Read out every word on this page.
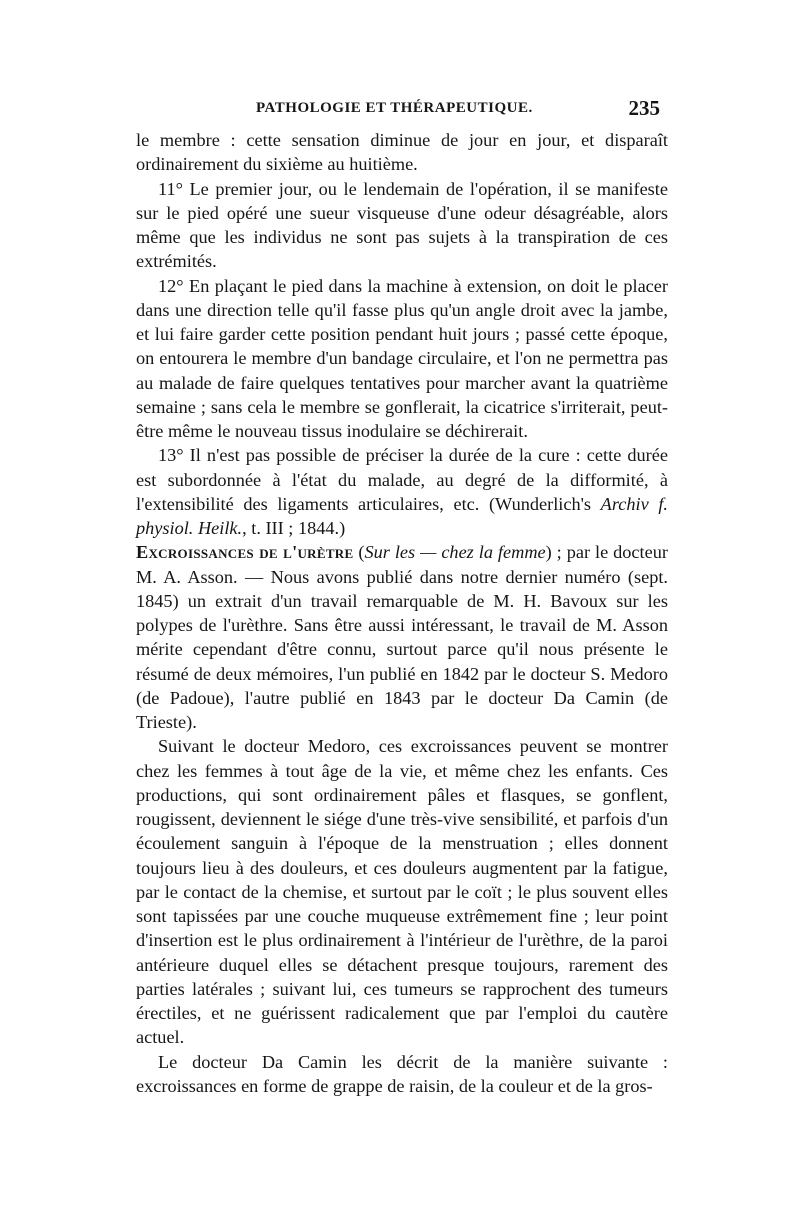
PATHOLOGIE ET THÉRAPEUTIQUE.	235

le membre : cette sensation diminue de jour en jour, et disparaît ordinairement du sixième au huitième.

11° Le premier jour, ou le lendemain de l'opération, il se manifeste sur le pied opéré une sueur visqueuse d'une odeur désagréable, alors même que les individus ne sont pas sujets à la transpiration de ces extrémités.

12° En plaçant le pied dans la machine à extension, on doit le placer dans une direction telle qu'il fasse plus qu'un angle droit avec la jambe, et lui faire garder cette position pendant huit jours ; passé cette époque, on entourera le membre d'un bandage circulaire, et l'on ne permettra pas au malade de faire quelques tentatives pour marcher avant la quatrième semaine ; sans cela le membre se gonflerait, la cicatrice s'irriterait, peut-être même le nouveau tissus inodulaire se déchirerait.

13° Il n'est pas possible de préciser la durée de la cure : cette durée est subordonnée à l'état du malade, au degré de la difformité, à l'extensibilité des ligaments articulaires, etc. (Wunderlich's Archiv f. physiol. Heilk., t. III ; 1844.)

Excroissances de l'urètre (Sur les — chez la femme) ; par le docteur M. A. Asson. — Nous avons publié dans notre dernier numéro (sept. 1845) un extrait d'un travail remarquable de M. H. Bavoux sur les polypes de l'urèthre. Sans être aussi intéressant, le travail de M. Asson mérite cependant d'être connu, surtout parce qu'il nous présente le résumé de deux mémoires, l'un publié en 1842 par le docteur S. Medoro (de Padoue), l'autre publié en 1843 par le docteur Da Camin (de Trieste).

Suivant le docteur Medoro, ces excroissances peuvent se montrer chez les femmes à tout âge de la vie, et même chez les enfants. Ces productions, qui sont ordinairement pâles et flasques, se gonflent, rougissent, deviennent le siége d'une très-vive sensibilité, et parfois d'un écoulement sanguin à l'époque de la menstruation ; elles donnent toujours lieu à des douleurs, et ces douleurs augmentent par la fatigue, par le contact de la chemise, et surtout par le coït ; le plus souvent elles sont tapissées par une couche muqueuse extrêmement fine ; leur point d'insertion est le plus ordinairement à l'intérieur de l'urèthre, de la paroi antérieure duquel elles se détachent presque toujours, rarement des parties latérales ; suivant lui, ces tumeurs se rapprochent des tumeurs érectiles, et ne guérissent radicalement que par l'emploi du cautère actuel.

Le docteur Da Camin les décrit de la manière suivante : excroissances en forme de grappe de raisin, de la couleur et de la gros-
